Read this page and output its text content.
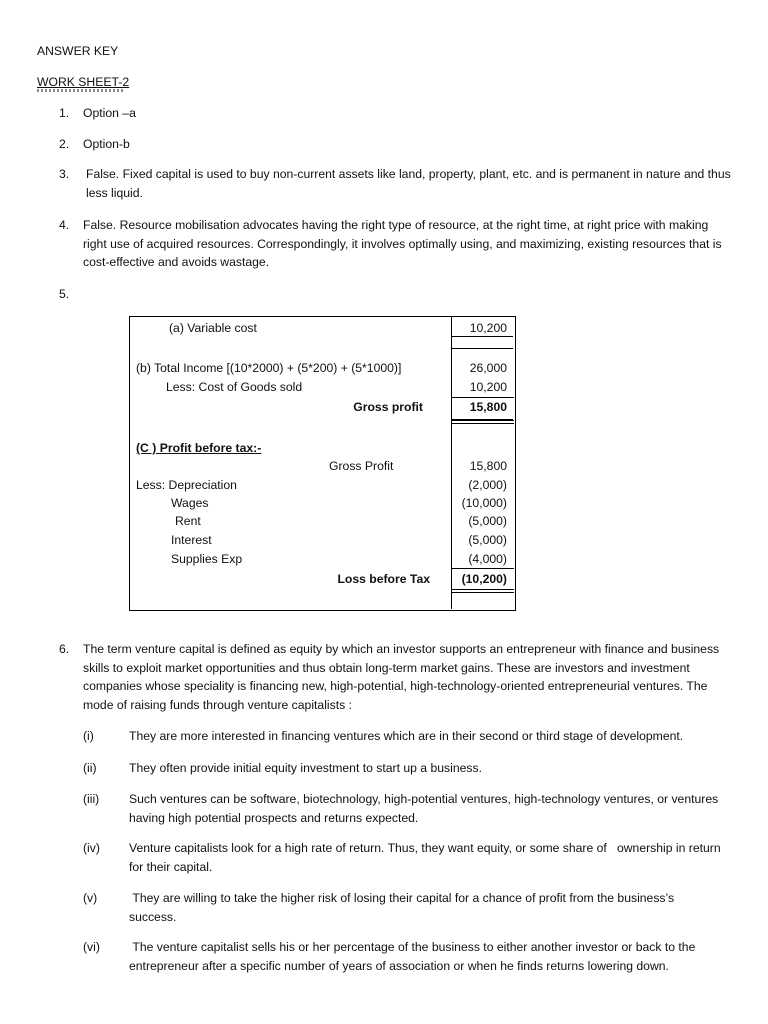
ANSWER KEY
WORK SHEET-2
1. Option –a
2. Option-b
3. False. Fixed capital is used to buy non-current assets like land, property, plant, etc. and is permanent in nature and thus less liquid.
4. False. Resource mobilisation advocates having the right type of resource, at the right time, at right price with making right use of acquired resources. Correspondingly, it involves optimally using, and maximizing, existing resources that is cost-effective and avoids wastage.
5.
(a) Variable cost	10,200
(b) Total Income [(10*2000) + (5*200) + (5*1000)]	26,000
Less: Cost of Goods sold	10,200
Gross profit	15,800
(C ) Profit before tax:-
Gross Profit	15,800
Less: Depreciation	(2,000)
Wages	(10,000)
Rent	(5,000)
Interest	(5,000)
Supplies Exp	(4,000)
Loss before Tax	(10,200)
6. The term venture capital is defined as equity by which an investor supports an entrepreneur with finance and business skills to exploit market opportunities and thus obtain long-term market gains. These are investors and investment companies whose speciality is financing new, high-potential, high-technology-oriented entrepreneurial ventures. The mode of raising funds through venture capitalists :
(i)	They are more interested in financing ventures which are in their second or third stage of development.
(ii)	They often provide initial equity investment to start up a business.
(iii) Such ventures can be software, biotechnology, high-potential ventures, high-technology ventures, or ventures having high potential prospects and returns expected.
(iv) Venture capitalists look for a high rate of return. Thus, they want equity, or some share of   ownership in return for their capital.
(v)	They are willing to take the higher risk of losing their capital for a chance of profit from the business’s success.
(vi) The venture capitalist sells his or her percentage of the business to either another investor or back to the entrepreneur after a specific number of years of association or when he finds returns lowering down.
